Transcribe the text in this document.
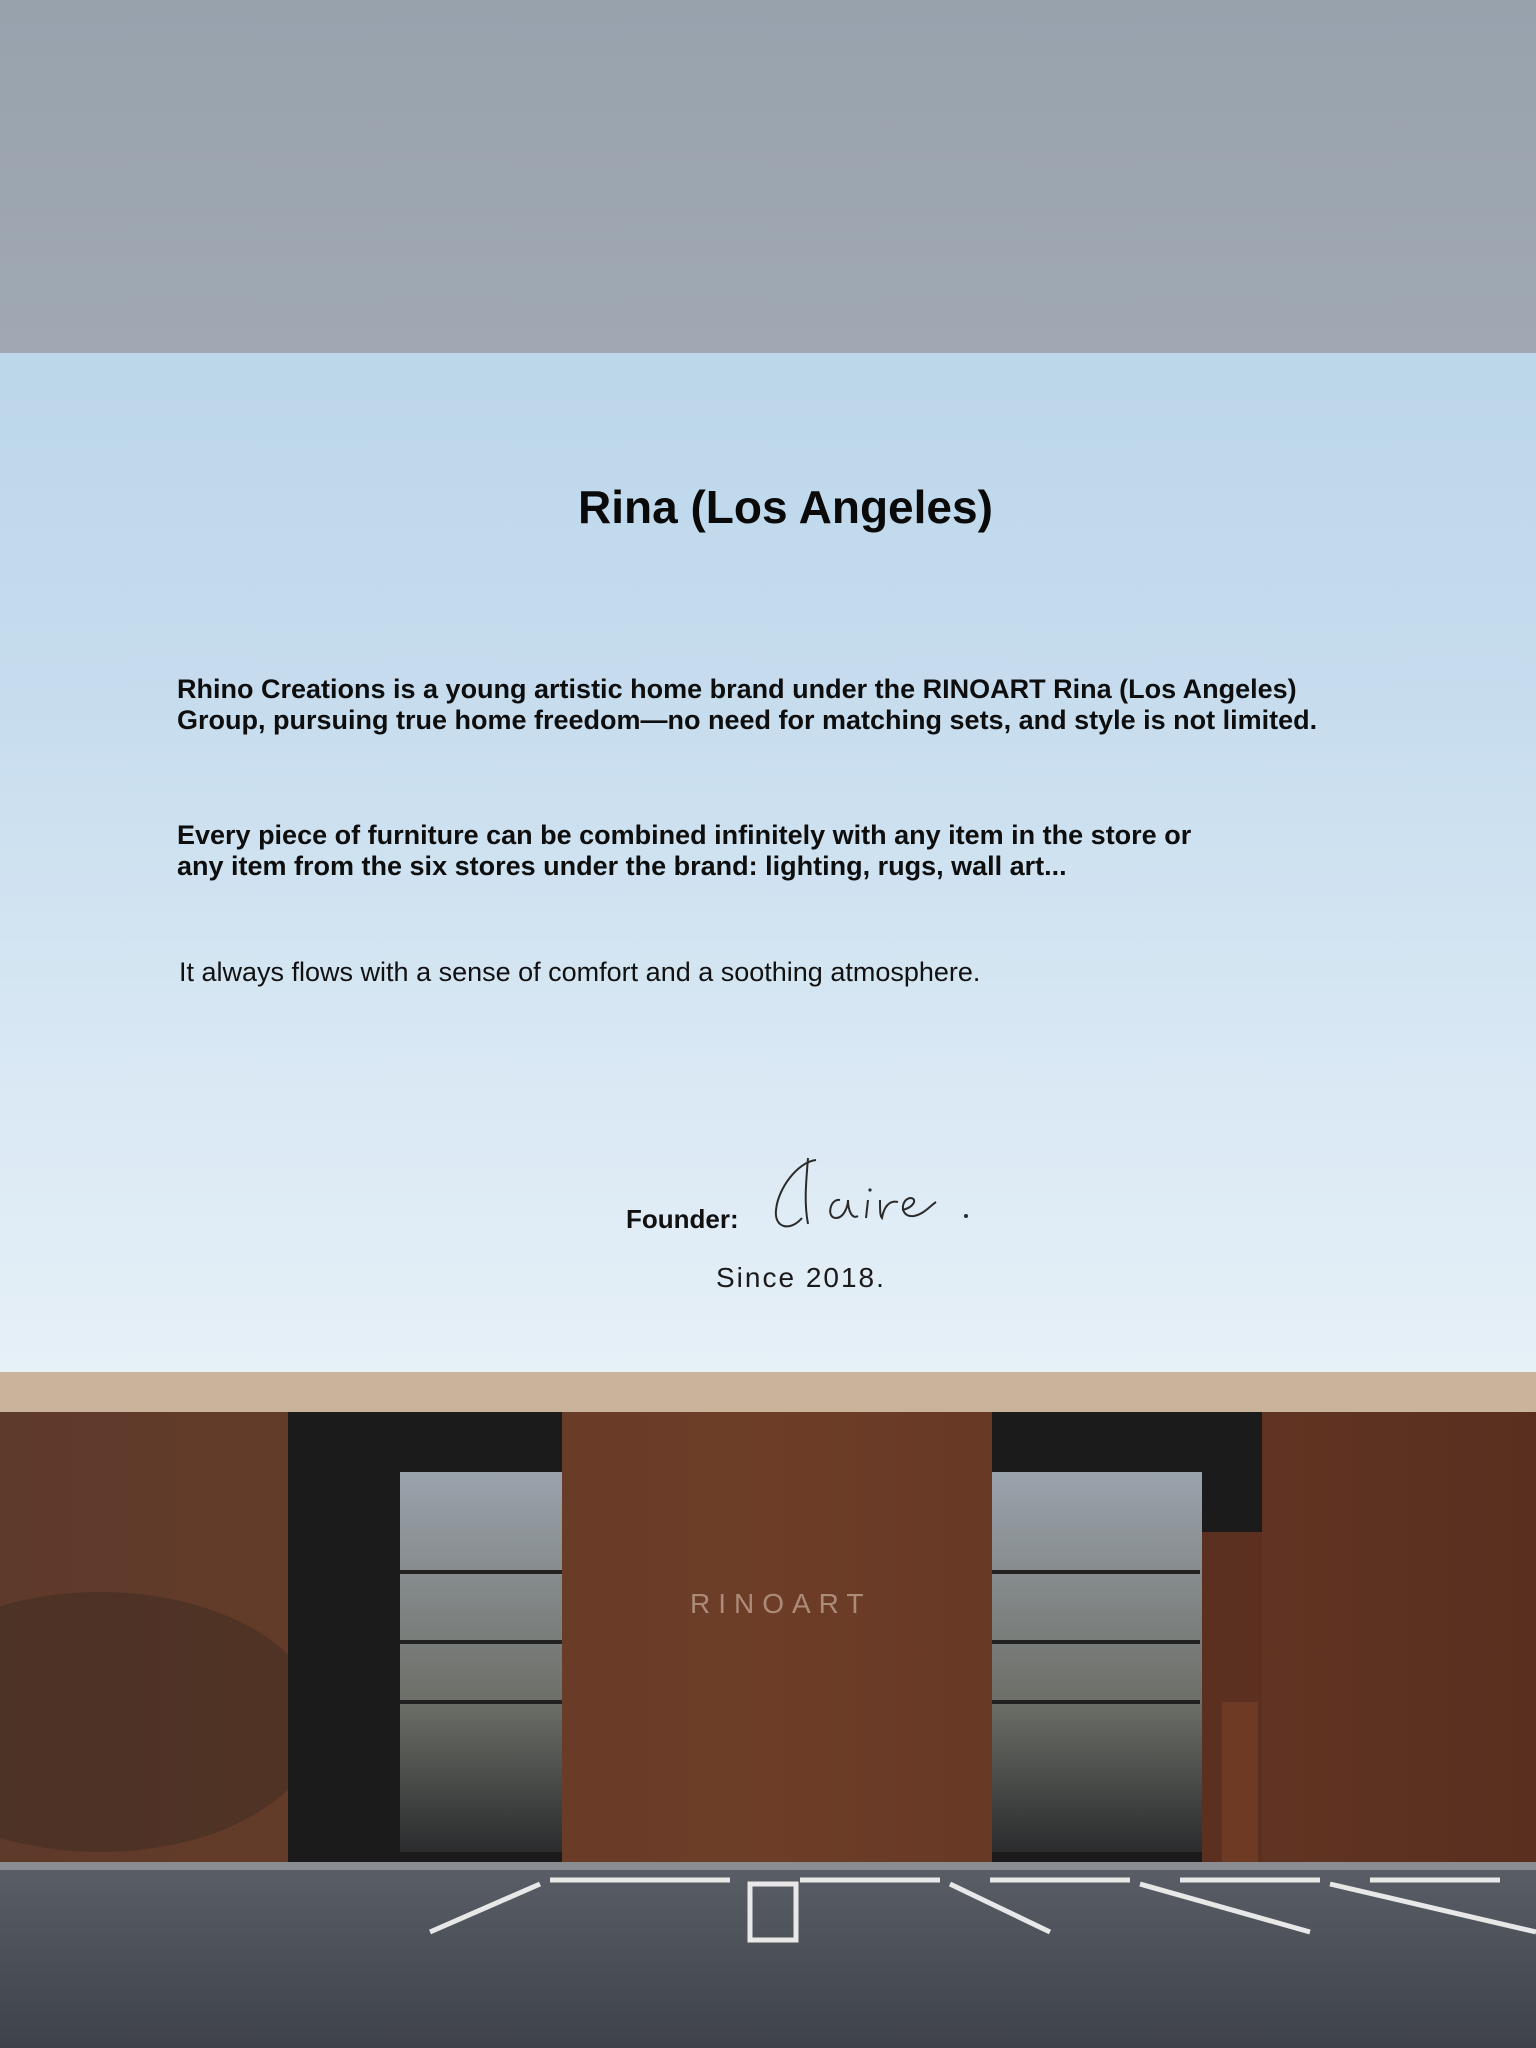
Rina (Los Angeles)

Rhino Creations is a young artistic home brand under the RINOART Rina (Los Angeles) Group, pursuing true home freedom—no need for matching sets, and style is not limited.

Every piece of furniture can be combined infinitely with any item in the store or any item from the six stores under the brand: lighting, rugs, wall art...

It always flows with a sense of comfort and a soothing atmosphere.

Founder:
Since 2018.
RINOART
